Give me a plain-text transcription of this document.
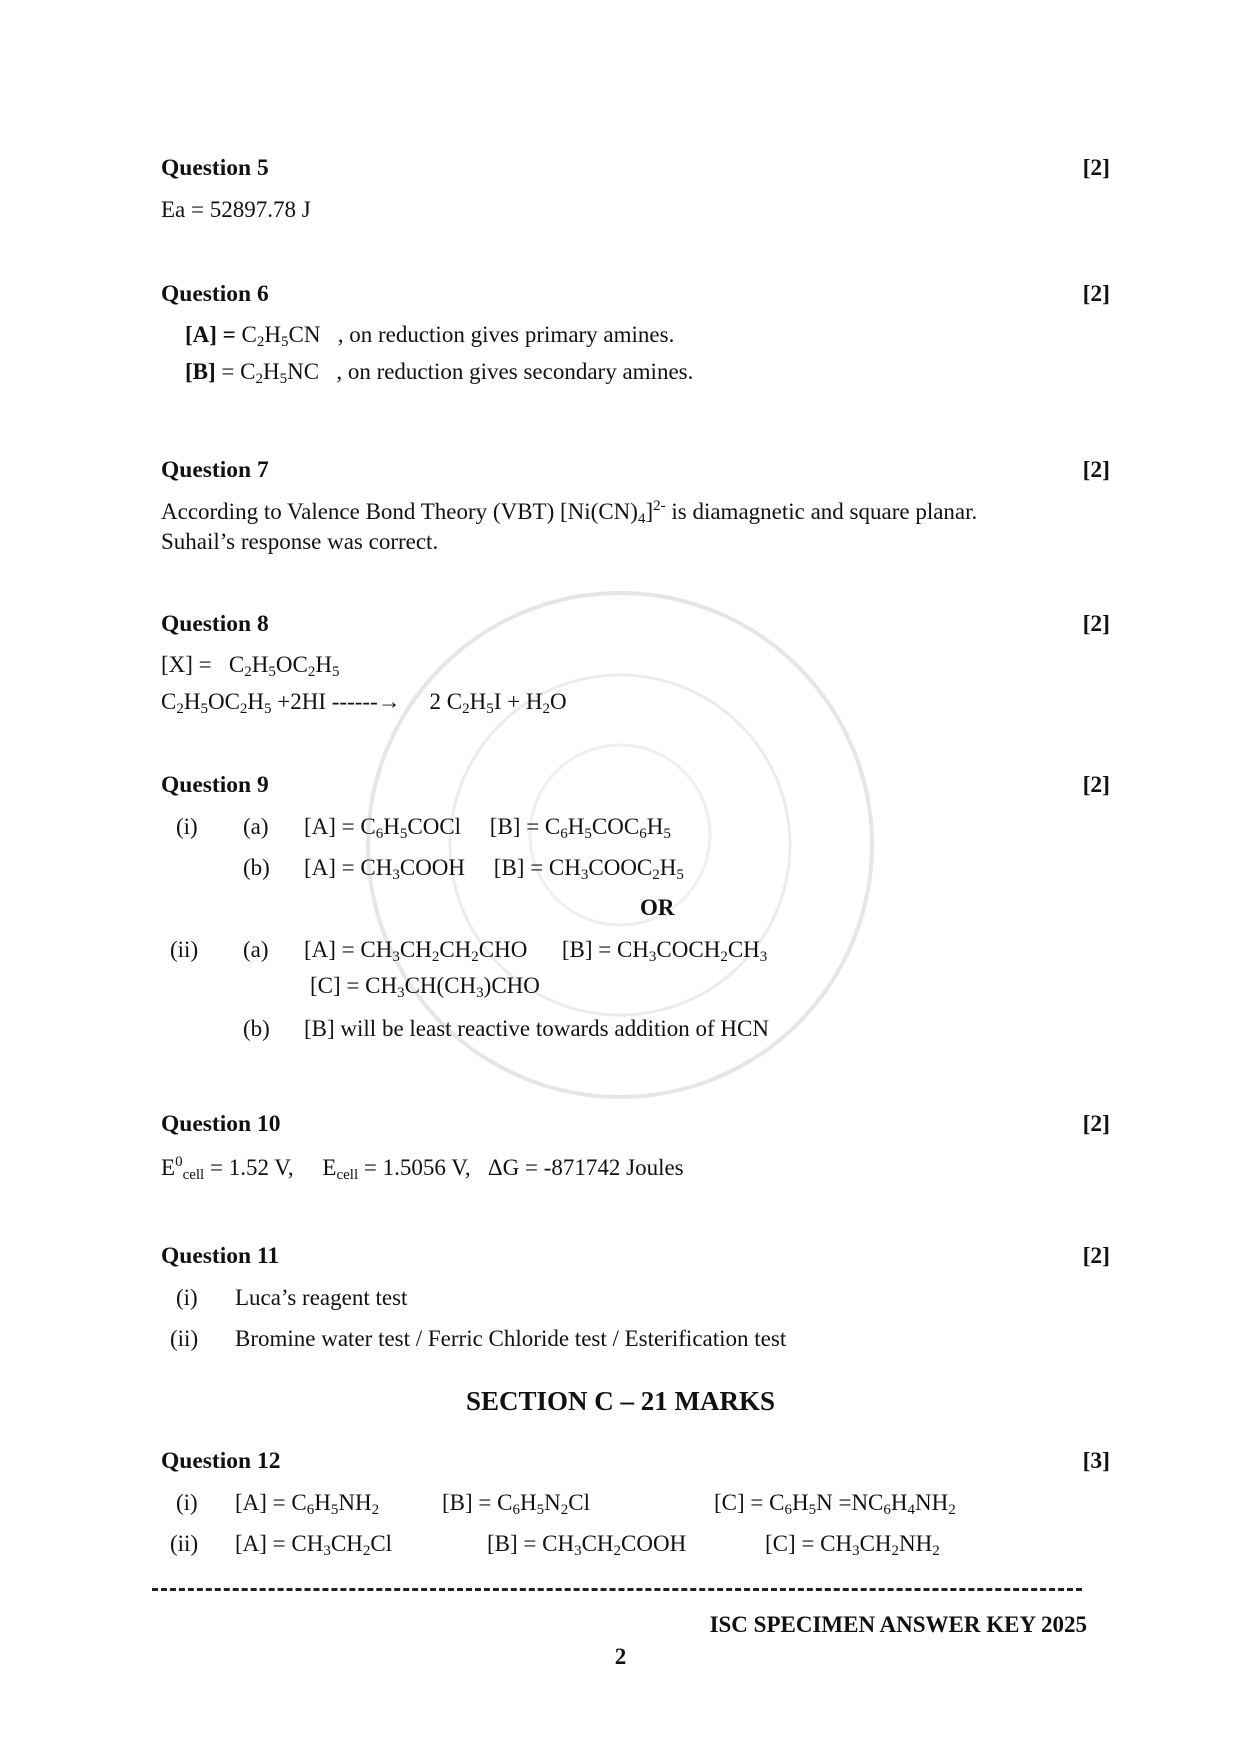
Question 5	[2]
Ea = 52897.78 J
Question 6	[2]
$[A] = C_2H_5CN$   , on reduction gives primary amines.
$[B] = C_2H_5NC$   , on reduction gives secondary amines.
Question 7	[2]
According to Valence Bond Theory (VBT) $[Ni(CN)_4]^{2-}$ is diamagnetic and square planar.
Suhail’s response was correct.
Question 8	[2]
$[X] = C_2H_5OC_2H_5$
$C_2H_5OC_2H_5 +2HI$ ------→     2 $C_2H_5I + H_2O$
Question 9	[2]
(i) (a) $[A] = C_6H_5COCl$     $[B] = C_6H_5COC_6H_5$
(b) $[A] = CH_3COOH$     $[B] = CH_3COOC_2H_5$
OR
(ii) (a) $[A] = CH_3CH_2CH_2CHO$      $[B] = CH_3COCH_2CH_3$
$[C] = CH_3CH(CH_3)CHO$
(b) [B] will be least reactive towards addition of HCN
Question 10	[2]
$E^0_{cell} = 1.52$ V,     $E_{cell} = 1.5056$ V, ΔG = -871742 Joules
Question 11	[2]
(i) Luca’s reagent test
(ii) Bromine water test / Ferric Chloride test / Esterification test
SECTION C – 21 MARKS
Question 12	[3]
(i) $[A] = C_6H_5NH_2$	$[B] = C_6H_5N_2Cl$	$[C] = C_6H_5N =NC_6H_4NH_2$
(ii) $[A] = CH_3CH_2Cl$	$[B] = CH_3CH_2COOH$	$[C] = CH_3CH_2NH_2$
ISC SPECIMEN ANSWER KEY 2025
2
